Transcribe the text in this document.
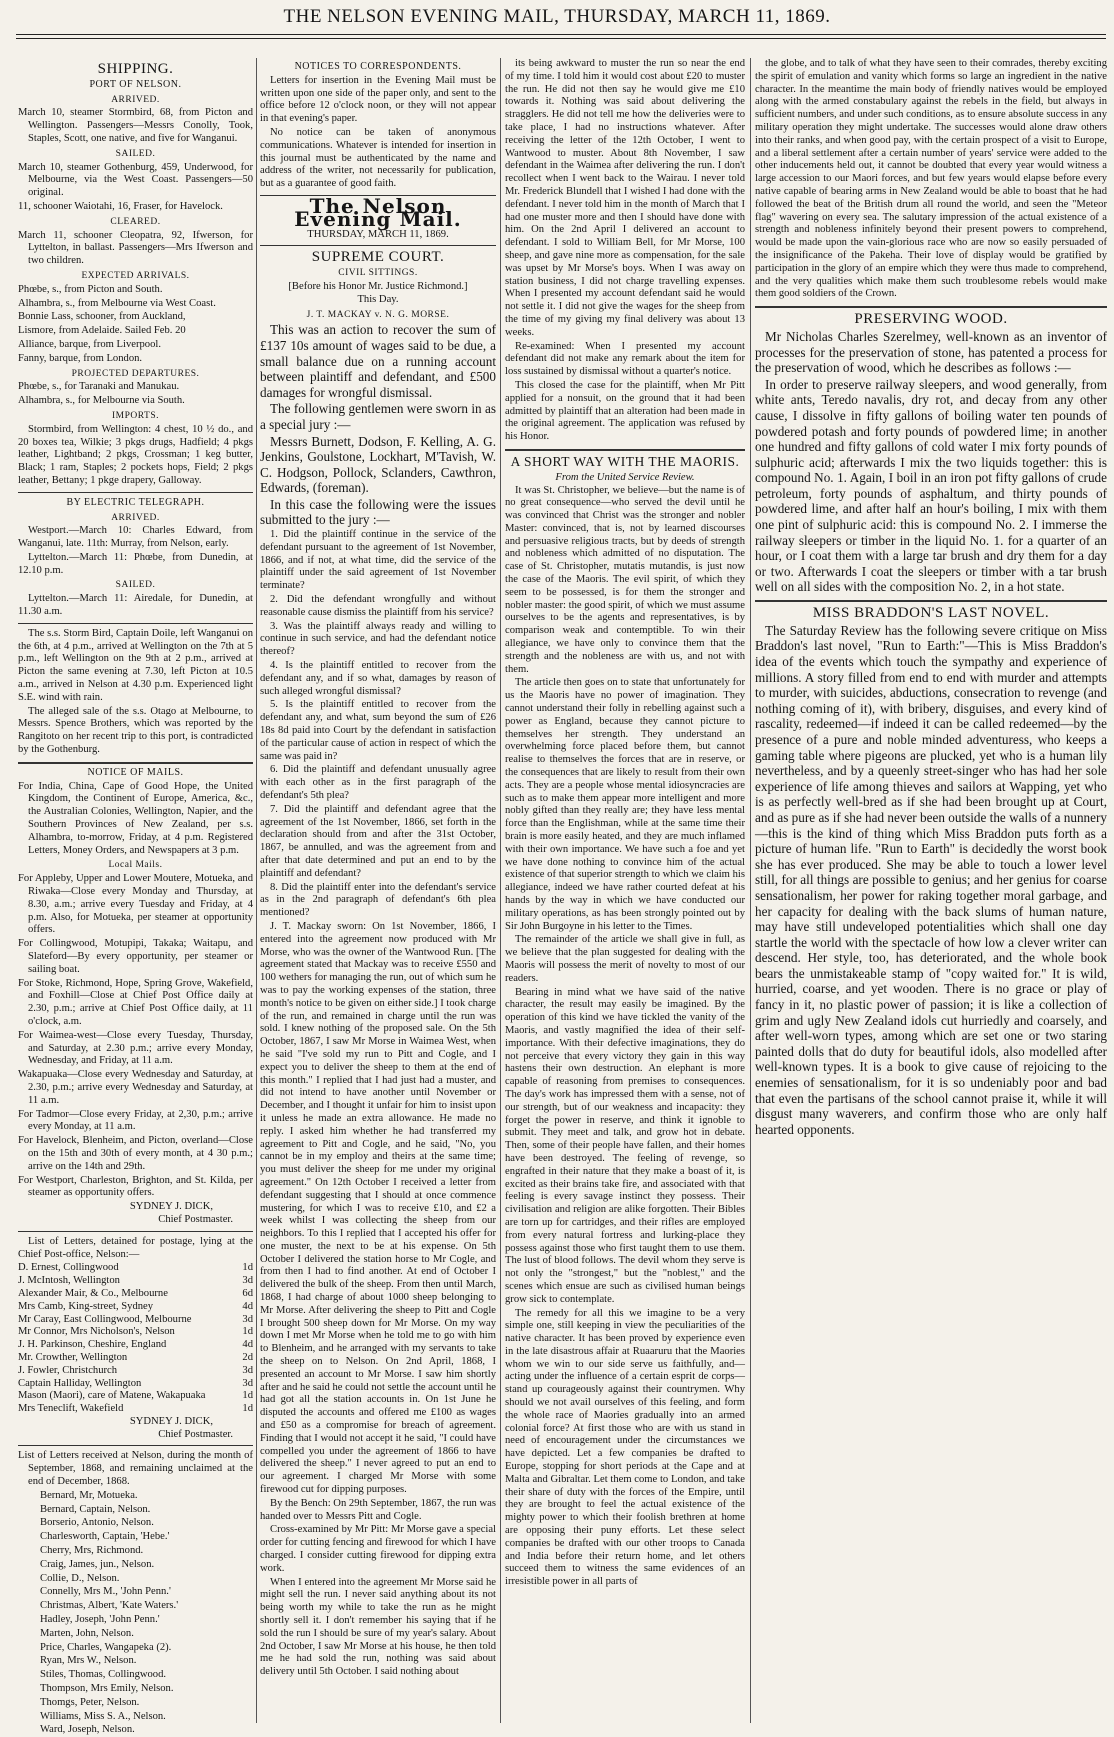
THE NELSON EVENING MAIL, THURSDAY, MARCH 11, 1869.
SHIPPING.
PORT OF NELSON.
ARRIVED.

March 10, steamer Stormbird, 68, from Picton and Wellington. Passengers—Messrs Conolly, Took, Staples, Scott, one native, and five for Wanganui.

SAILED.

March 10, steamer Gothenburg, 459, Underwood, for Melbourne, via the West Coast. Passengers—50 original.

11, schooner Waiotahi, 16, Fraser, for Havelock.

CLEARED.

March 11, schooner Cleopatra, 92, Ifwerson, for Lyttelton, in ballast. Passengers—Mrs Ifwerson and two children.

EXPECTED ARRIVALS.

Phœbe, s., from Picton and South.

Alhambra, s., from Melbourne via West Coast.

Bonnie Lass, schooner, from Auckland,

Lismore, from Adelaide. Sailed Feb. 20

Alliance, barque, from Liverpool.

Fanny, barque, from London.

PROJECTED DEPARTURES.

Phœbe, s., for Taranaki and Manukau.

Alhambra, s., for Melbourne via South.

IMPORTS.

Stormbird, from Wellington: 4 chest, 10 ½ do., and 20 boxes tea, Wilkie; 3 pkgs drugs, Hadfield; 4 pkgs leather, Lightband; 2 pkgs, Crossman; 1 keg butter, Black; 1 ram, Staples; 2 pockets hops, Field; 2 pkgs leather, Bettany; 1 pkge drapery, Galloway.

BY ELECTRIC TELEGRAPH.
ARRIVED.

Westport.—March 10: Charles Edward, from Wanganui, late. 11th: Murray, from Nelson, early.

Lyttelton.—March 11: Phœbe, from Dunedin, at 12.10 p.m.

SAILED.

Lyttelton.—March 11: Airedale, for Dunedin, at 11.30 a.m.

The s.s. Storm Bird, Captain Doile, left Wanganui on the 6th, at 4 p.m., arrived at Wellington on the 7th at 5 p.m., left Wellington on the 9th at 2 p.m., arrived at Picton the same evening at 7.30, left Picton at 10.5 a.m., arrived in Nelson at 4.30 p.m. Experienced light S.E. wind with rain.

The alleged sale of the s.s. Otago at Melbourne, to Messrs. Spence Brothers, which was reported by the Rangitoto on her recent trip to this port, is contradicted by the Gothenburg.

NOTICE OF MAILS.

For India, China, Cape of Good Hope, the United Kingdom, the Continent of Europe, America, &c., the Australian Colonies, Wellington, Napier, and the Southern Provinces of New Zealand, per s.s. Alhambra, to-morrow, Friday, at 4 p.m. Registered Letters, Money Orders, and Newspapers at 3 p.m.

Local Mails.

For Appleby, Upper and Lower Moutere, Motueka, and Riwaka—Close every Monday and Thursday, at 8.30, a.m.; arrive every Tuesday and Friday, at 4 p.m. Also, for Motueka, per steamer at opportunity offers.

For Collingwood, Motupipi, Takaka; Waitapu, and Slateford—By every opportunity, per steamer or sailing boat.

For Stoke, Richmond, Hope, Spring Grove, Wakefield, and Foxhill—Close at Chief Post Office daily at 2.30, p.m.; arrive at Chief Post Office daily, at 11 o'clock, a.m.

For Waimea-west—Close every Tuesday, Thursday, and Saturday, at 2.30 p.m.; arrive every Monday, Wednesday, and Friday, at 11 a.m.

Wakapuaka—Close every Wednesday and Saturday, at 2.30, p.m.; arrive every Wednesday and Saturday, at 11 a.m.

For Tadmor—Close every Friday, at 2,30, p.m.; arrive every Monday, at 11 a.m.

For Havelock, Blenheim, and Picton, overland—Close on the 15th and 30th of every month, at 4 30 p.m.; arrive on the 14th and 29th.

For Westport, Charleston, Brighton, and St. Kilda, per steamer as opportunity offers.

SYDNEY J. DICK,
Chief Postmaster.

List of Letters, detained for postage, lying at the Chief Post-office, Nelson:—

D. Ernest, Collingwood	1d
J. McIntosh, Wellington	3d
Alexander Mair, & Co., Melbourne	6d
Mrs Camb, King-street, Sydney	4d
Mr Caray, East Collingwood, Melbourne	3d
Mr Connor, Mrs Nicholson's, Nelson	1d
J. H. Parkinson, Cheshire, England	4d
Mr. Crowther, Wellington	2d
J. Fowler, Christchurch	3d
Captain Halliday, Wellington	3d
Mason (Maori), care of Matene, Wakapuaka	1d
Mrs Teneclift, Wakefield	1d
SYDNEY J. DICK,
Chief Postmaster.

List of Letters received at Nelson, during the month of September, 1868, and remaining unclaimed at the end of December, 1868.

Bernard, Mr, Motueka.

Bernard, Captain, Nelson.

Borserio, Antonio, Nelson.

Charlesworth, Captain, 'Hebe.'

Cherry, Mrs, Richmond.

Craig, James, jun., Nelson.

Collie, D., Nelson.

Connelly, Mrs M., 'John Penn.'

Christmas, Albert, 'Kate Waters.'

Hadley, Joseph, 'John Penn.'

Marten, John, Nelson.

Price, Charles, Wangapeka (2).

Ryan, Mrs W., Nelson.

Stiles, Thomas, Collingwood.

Thompson, Mrs Emily, Nelson.

Thomgs, Peter, Nelson.

Williams, Miss S. A., Nelson.

Ward, Joseph, Nelson.

NOTICES TO CORRESPONDENTS.

Letters for insertion in the Evening Mail must be written upon one side of the paper only, and sent to the office before 12 o'clock noon, or they will not appear in that evening's paper.

No notice can be taken of anonymous communications. Whatever is intended for insertion in this journal must be authenticated by the name and address of the writer, not necessarily for publication, but as a guarantee of good faith.

The Nelson Evening Mail.
THURSDAY, MARCH 11, 1869.
SUPREME COURT.
CIVIL SITTINGS.
[Before his Honor Mr. Justice Richmond.]
This Day.
J. T. MACKAY v. N. G. MORSE.

This was an action to recover the sum of £137 10s amount of wages said to be due, a small balance due on a running account between plaintiff and defendant, and £500 damages for wrongful dismissal.

The following gentlemen were sworn in as a special jury :—

Messrs Burnett, Dodson, F. Kelling, A. G. Jenkins, Goulstone, Lockhart, M'Tavish, W. C. Hodgson, Pollock, Sclanders, Cawthron, Edwards, (foreman).

In this case the following were the issues submitted to the jury :—

1. Did the plaintiff continue in the service of the defendant pursuant to the agreement of 1st November, 1866, and if not, at what time, did the service of the plaintiff under the said agreement of 1st November terminate?

2. Did the defendant wrongfully and without reasonable cause dismiss the plaintiff from his service?

3. Was the plaintiff always ready and willing to continue in such service, and had the defendant notice thereof?

4. Is the plaintiff entitled to recover from the defendant any, and if so what, damages by reason of such alleged wrongful dismissal?

5. Is the plaintiff entitled to recover from the defendant any, and what, sum beyond the sum of £26 18s 8d paid into Court by the defendant in satisfaction of the particular cause of action in respect of which the same was paid in?

6. Did the plaintiff and defendant unusually agree with each other as in the first paragraph of the defendant's 5th plea?

7. Did the plaintiff and defendant agree that the agreement of the 1st November, 1866, set forth in the declaration should from and after the 31st October, 1867, be annulled, and was the agreement from and after that date determined and put an end to by the plaintiff and defendant?

8. Did the plaintiff enter into the defendant's service as in the 2nd paragraph of defendant's 6th plea mentioned?

J. T. Mackay sworn: On 1st November, 1866, I entered into the agreement now produced with Mr Morse, who was the owner of the Wantwood Run. [The agreement stated that Mackay was to receive £550 and 100 wethers for managing the run, out of which sum he was to pay the working expenses of the station, three month's notice to be given on either side.] I took charge of the run, and remained in charge until the run was sold. I knew nothing of the proposed sale. On the 5th October, 1867, I saw Mr Morse in Waimea West, when he said "I've sold my run to Pitt and Cogle, and I expect you to deliver the sheep to them at the end of this month." I replied that I had just had a muster, and did not intend to have another until November or December, and I thought it unfair for him to insist upon it unless he made an extra allowance. He made no reply. I asked him whether he had transferred my agreement to Pitt and Cogle, and he said, "No, you cannot be in my employ and theirs at the same time; you must deliver the sheep for me under my original agreement." On 12th October I received a letter from defendant suggesting that I should at once commence mustering, for which I was to receive £10, and £2 a week whilst I was collecting the sheep from our neighbors. To this I replied that I accepted his offer for one muster, the next to be at his expense. On 5th October I delivered the station horse to Mr Cogle, and from then I had to find another. At end of October I delivered the bulk of the sheep. From then until March, 1868, I had charge of about 1000 sheep belonging to Mr Morse. After delivering the sheep to Pitt and Cogle I brought 500 sheep down for Mr Morse. On my way down I met Mr Morse when he told me to go with him to Blenheim, and he arranged with my servants to take the sheep on to Nelson. On 2nd April, 1868, I presented an account to Mr Morse. I saw him shortly after and he said he could not settle the account until he had got all the station accounts in. On 1st June he disputed the accounts and offered me £100 as wages and £50 as a compromise for breach of agreement. Finding that I would not accept it he said, "I could have compelled you under the agreement of 1866 to have delivered the sheep." I never agreed to put an end to our agreement. I charged Mr Morse with some firewood cut for dipping purposes.

By the Bench: On 29th September, 1867, the run was handed over to Messrs Pitt and Cogle.

Cross-examined by Mr Pitt: Mr Morse gave a special order for cutting fencing and firewood for which I have charged. I consider cutting firewood for dipping extra work.

When I entered into the agreement Mr Morse said he might sell the run. I never said anything about its not being worth my while to take the run as he might shortly sell it. I don't remember his saying that if he sold the run I should be sure of my year's salary. About 2nd October, I saw Mr Morse at his house, he then told me he had sold the run, nothing was said about delivery until 5th October. I said nothing about

its being awkward to muster the run so near the end of my time. I told him it would cost about £20 to muster the run. He did not then say he would give me £10 towards it. Nothing was said about delivering the stragglers. He did not tell me how the deliveries were to take place, I had no instructions whatever. After receiving the letter of the 12th October, I went to Wantwood to muster. About 8th November, I saw defendant in the Waimea after delivering the run. I don't recollect when I went back to the Wairau. I never told Mr. Frederick Blundell that I wished I had done with the defendant. I never told him in the month of March that I had one muster more and then I should have done with him. On the 2nd April I delivered an account to defendant. I sold to William Bell, for Mr Morse, 100 sheep, and gave nine more as compensation, for the sale was upset by Mr Morse's boys. When I was away on station business, I did not charge travelling expenses. When I presented my account defendant said he would not settle it. I did not give the wages for the sheep from the time of my giving my final delivery was about 13 weeks.

Re-examined: When I presented my account defendant did not make any remark about the item for loss sustained by dismissal without a quarter's notice.

This closed the case for the plaintiff, when Mr Pitt applied for a nonsuit, on the ground that it had been admitted by plaintiff that an alteration had been made in the original agreement. The application was refused by his Honor.

A SHORT WAY WITH THE MAORIS.
From the United Service Review.

It was St. Christopher, we believe—but the name is of no great consequence—who served the devil until he was convinced that Christ was the stronger and nobler Master: convinced, that is, not by learned discourses and persuasive religious tracts, but by deeds of strength and nobleness which admitted of no disputation. The case of St. Christopher, mutatis mutandis, is just now the case of the Maoris. The evil spirit, of which they seem to be possessed, is for them the stronger and nobler master: the good spirit, of which we must assume ourselves to be the agents and representatives, is by comparison weak and contemptible. To win their allegiance, we have only to convince them that the strength and the nobleness are with us, and not with them.

The article then goes on to state that unfortunately for us the Maoris have no power of imagination. They cannot understand their folly in rebelling against such a power as England, because they cannot picture to themselves her strength. They understand an overwhelming force placed before them, but cannot realise to themselves the forces that are in reserve, or the consequences that are likely to result from their own acts. They are a people whose mental idiosyncracies are such as to make them appear more intelligent and more nobly gifted than they really are; they have less mental force than the Englishman, while at the same time their brain is more easily heated, and they are much inflamed with their own importance. We have such a foe and yet we have done nothing to convince him of the actual existence of that superior strength to which we claim his allegiance, indeed we have rather courted defeat at his hands by the way in which we have conducted our military operations, as has been strongly pointed out by Sir John Burgoyne in his letter to the Times.

The remainder of the article we shall give in full, as we believe that the plan suggested for dealing with the Maoris will possess the merit of novelty to most of our readers.

Bearing in mind what we have said of the native character, the result may easily be imagined. By the operation of this kind we have tickled the vanity of the Maoris, and vastly magnified the idea of their self-importance. With their defective imaginations, they do not perceive that every victory they gain in this way hastens their own destruction. An elephant is more capable of reasoning from premises to consequences. The day's work has impressed them with a sense, not of our strength, but of our weakness and incapacity: they forget the power in reserve, and think it ignoble to submit. They meet and talk, and grow hot in debate. Then, some of their people have fallen, and their homes have been destroyed. The feeling of revenge, so engrafted in their nature that they make a boast of it, is excited as their brains take fire, and associated with that feeling is every savage instinct they possess. Their civilisation and religion are alike forgotten. Their Bibles are torn up for cartridges, and their rifles are employed from every natural fortress and lurking-place they possess against those who first taught them to use them. The lust of blood follows. The devil whom they serve is not only the "strongest," but the "noblest," and the scenes which ensue are such as civilised human beings grow sick to contemplate.

The remedy for all this we imagine to be a very simple one, still keeping in view the peculiarities of the native character. It has been proved by experience even in the late disastrous affair at Ruaaruru that the Maories whom we win to our side serve us faithfully, and—acting under the influence of a certain esprit de corps—stand up courageously against their countrymen. Why should we not avail ourselves of this feeling, and form the whole race of Maories gradually into an armed colonial force? At first those who are with us stand in need of encouragement under the circumstances we have depicted. Let a few companies be drafted to Europe, stopping for short periods at the Cape and at Malta and Gibraltar. Let them come to London, and take their share of duty with the forces of the Empire, until they are brought to feel the actual existence of the mighty power to which their foolish brethren at home are opposing their puny efforts. Let these select companies be drafted with our other troops to Canada and India before their return home, and let others succeed them to witness the same evidences of an irresistible power in all parts of

the globe, and to talk of what they have seen to their comrades, thereby exciting the spirit of emulation and vanity which forms so large an ingredient in the native character. In the meantime the main body of friendly natives would be employed along with the armed constabulary against the rebels in the field, but always in sufficient numbers, and under such conditions, as to ensure absolute success in any military operation they might undertake. The successes would alone draw others into their ranks, and when good pay, with the certain prospect of a visit to Europe, and a liberal settlement after a certain number of years' service were added to the other inducements held out, it cannot be doubted that every year would witness a large accession to our Maori forces, and but few years would elapse before every native capable of bearing arms in New Zealand would be able to boast that he had followed the beat of the British drum all round the world, and seen the "Meteor flag" wavering on every sea. The salutary impression of the actual existence of a strength and nobleness infinitely beyond their present powers to comprehend, would be made upon the vain-glorious race who are now so easily persuaded of the insignificance of the Pakeha. Their love of display would be gratified by participation in the glory of an empire which they were thus made to comprehend, and the very qualities which make them such troublesome rebels would make them good soldiers of the Crown.

PRESERVING WOOD.

Mr Nicholas Charles Szerelmey, well-known as an inventor of processes for the preservation of stone, has patented a process for the preservation of wood, which he describes as follows :—

In order to preserve railway sleepers, and wood generally, from white ants, Teredo navalis, dry rot, and decay from any other cause, I dissolve in fifty gallons of boiling water ten pounds of powdered potash and forty pounds of powdered lime; in another one hundred and fifty gallons of cold water I mix forty pounds of sulphuric acid; afterwards I mix the two liquids together: this is compound No. 1. Again, I boil in an iron pot fifty gallons of crude petroleum, forty pounds of asphaltum, and thirty pounds of powdered lime, and after half an hour's boiling, I mix with them one pint of sulphuric acid: this is compound No. 2. I immerse the railway sleepers or timber in the liquid No. 1. for a quarter of an hour, or I coat them with a large tar brush and dry them for a day or two. Afterwards I coat the sleepers or timber with a tar brush well on all sides with the composition No. 2, in a hot state.

MISS BRADDON'S LAST NOVEL.

The Saturday Review has the following severe critique on Miss Braddon's last novel, "Run to Earth:"—This is Miss Braddon's idea of the events which touch the sympathy and experience of millions. A story filled from end to end with murder and attempts to murder, with suicides, abductions, consecration to revenge (and nothing coming of it), with bribery, disguises, and every kind of rascality, redeemed—if indeed it can be called redeemed—by the presence of a pure and noble minded adventuress, who keeps a gaming table where pigeons are plucked, yet who is a human lily nevertheless, and by a queenly street-singer who has had her sole experience of life among thieves and sailors at Wapping, yet who is as perfectly well-bred as if she had been brought up at Court, and as pure as if she had never been outside the walls of a nunnery—this is the kind of thing which Miss Braddon puts forth as a picture of human life. "Run to Earth" is decidedly the worst book she has ever produced. She may be able to touch a lower level still, for all things are possible to genius; and her genius for coarse sensationalism, her power for raking together moral garbage, and her capacity for dealing with the back slums of human nature, may have still undeveloped potentialities which shall one day startle the world with the spectacle of how low a clever writer can descend. Her style, too, has deteriorated, and the whole book bears the unmistakeable stamp of "copy waited for." It is wild, hurried, coarse, and yet wooden. There is no grace or play of fancy in it, no plastic power of passion; it is like a collection of grim and ugly New Zealand idols cut hurriedly and coarsely, and after well-worn types, among which are set one or two staring painted dolls that do duty for beautiful idols, also modelled after well-known types. It is a book to give cause of rejoicing to the enemies of sensationalism, for it is so undeniably poor and bad that even the partisans of the school cannot praise it, while it will disgust many waverers, and confirm those who are only half hearted opponents.
